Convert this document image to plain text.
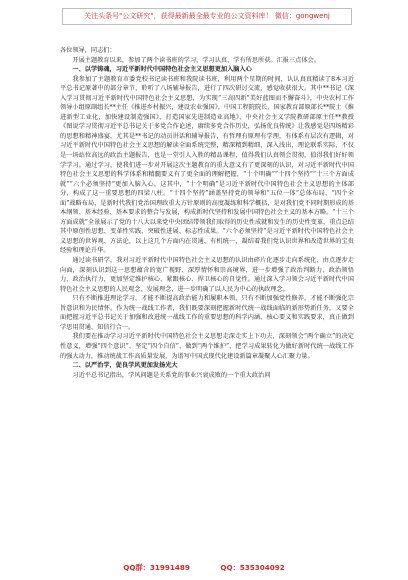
关注头条号"公文研究"，获得最新最全最专业的公文资料库！ 微信：gongwenj

各位领导，同志们：

开展主题教育以来，参加了两个读书班的学习，学习认真，学有所思所获。汇报三点体会。

一、以学铸魂，习近平新时代中国特色社会主义思想更加入脑入心

我参加了主题教育市委党校书记读书班和我院读书班，利用两个星期的时间，认认真真精读了8本习近平总书记原著中的部分章节，聆听了八场辅导报告，进行了四次研讨交流，感觉收获很大。其中**书记《深入学习贯彻习近平新时代中国特色社会主义思想，为实现“三高四新”美好蓝图而不懈奋斗》，中央农村工作领导小组原副组长**主任《推进乡村振兴，建设农业强国》，中国工程院院长、国家教育部原部长**院士《推进新型工业化，加快建设制造强国》，打造国家先进制造业高地》，中央社会主义学院教研部原主任**教授《图说学习贯彻习近平总书记关于多党合作论述，赓续多党合作历史，弘扬优良传统》让我感觉是四场精彩的思想和精神盛宴，尤其是**书记的动员讲话和辅导报告，有哲理有原理有学理，有体系有层次有逻辑，对习近平新时代中国特色社会主义思想的解读全面系统完整，精深精到精细，深入浅出，理论联系实际，不仅是一场站位高远的政治主题报告，也是一堂引人入胜的精品课程，值得我们认真领会贯彻，值得我们好好领学学习。通过学习，使我们进一步对开展这次主题教育的重大意义有了更深刻的认识，对习近平新时代中国特色社会主义思想的科学体系和精髓要义有了更全面的理解把握，“十个明确”“十四个坚持”“十三个方面成就”“六个必须坚持”更加入脑入心。这其中，“十个明确”是习近平新时代中国特色社会主义思想的主体部分，构成了这一重要思想的四梁八柱。“十四个坚持”涵盖坚持党的领导和“五位一体”总体布局、“四个全面”战略布局，是新时代我们党治国理政重大方针原则的高度凝练和科学概括，是对我们党不同时期形成的基本纲领、基本经验、基本要求的整合与发展，构成新时代坚持和发展中国特色社会主义的基本方略。“十三个方面成就”全景展示了党的十八大以来党中央团结带领我们取得的历史性成就和发生的历史性变革，重点总结其中原创性思想、变革性实践、突破性进展、标志性成果。“六个必须坚持”是习近平新时代中国特色社会主义思想的世界观、方法论，以上这几个方面内在贯通、有机统一，凝结着我们党认识世界和改造世界的宝贵经验和理论升华。

通过读书研学，我对习近平新时代中国特色社会主义思想的认识由碎片化逐步走向系统化、由点逐步走向面，深刻认识到这一思想蕴含的宽广视野、深厚情怀和崇高境界，进一步增强了政治判断力、政治领悟力、政治执行力，更加坚定维护核心、紧跟核心、捍卫核心的自觉性。通过深入学习领会习近平新时代中国特色社会主义思想的人民观念、发展理念，进一步明确了以人民为中心的执政理念。

只有不断推进理论学习，才能不断提高政治能力和履职本领，只有不断加强党性修养，才能不断强化宗旨意识和为民情怀。作为统一战线工作者，我们既要深刻把握新时代统一战线面临的新形势新任务，又要全面把握习近平总书记关于加强和改进统一战线工作的重要思想的科学内涵、核心要义和实践要求，真正做到学思用贯通、知信行合一。

我们要在推动学习习近平新时代中国特色社会主义思想走深走实上下功夫，深刻领会“两个确立”的决定性意义，增强“四个意识”、坚定“四个自信”、做到“两个维护”，把学习成果转化为做好新时代统一战线工作的强大动力，推动统战工作高质量发展，为谱写中国式现代化建设新篇章凝聚人心汇聚力量。

二、以严治学，促良学风更加发扬光大

习近平总书记指出，学风问题是关系党的事业兴衰成败的一个重大政治问

QQ群：31991489	QQ：535304092
